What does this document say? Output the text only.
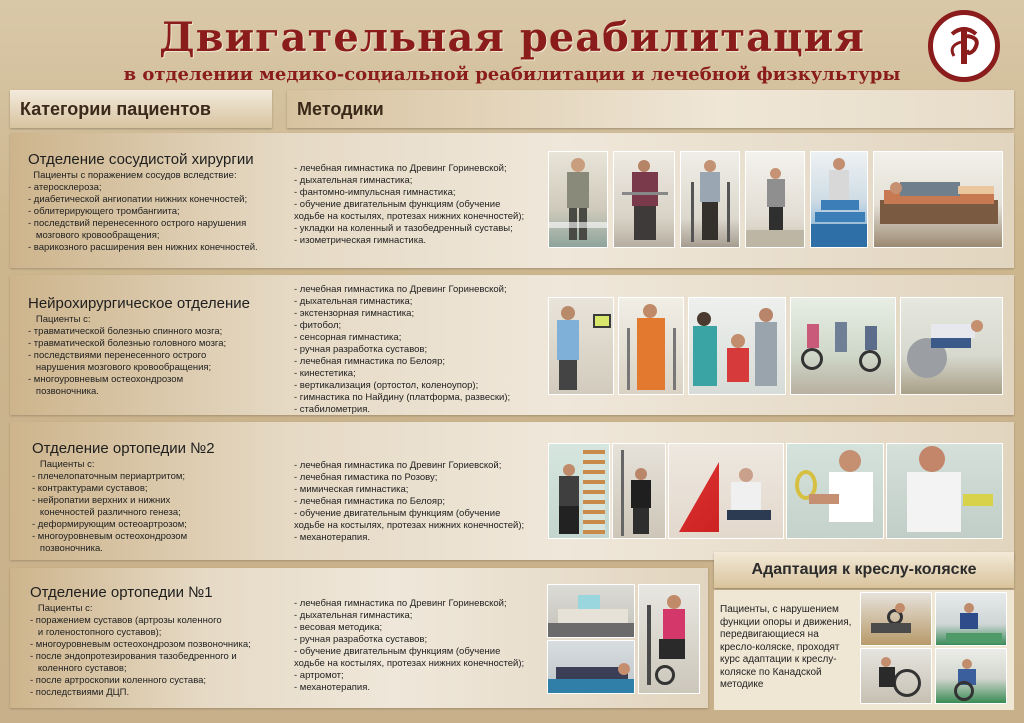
Двигательная реабилитация
в отделении медико-социальной реабилитации и лечебной физкультуры
Категории пациентов	Методики
Отделение сосудистой хирургии
Пациенты с поражением сосудов вследствие:
- атеросклероза;
- диабетической ангиопатии нижних конечностей;
- облитерирующего тромбангиита;
- последствий перенесенного острого нарушения
мозгового кровообращения;
- варикозного расширения вен нижних конечностей.
- лечебная гимнастика по Древинг Гориневской;
- дыхательная гимнастика;
- фантомно-импульсная гимнастика;
- обучение двигательным функциям (обучение
ходьбе на костылях, протезах нижних конечностей);
- укладки на коленный и тазобедренный суставы;
- изометрическая гимнастика.
Нейрохирургическое отделение
Пациенты с:
- травматической болезнью спинного мозга;
- травматической болезнью головного мозга;
- последствиями перенесенного острого
нарушения мозгового кровообращения;
- многоуровневым остеохондрозом
позвоночника.
- лечебная гимнастика по Древинг Гориневской;
- дыхательная гимнастика;
- экстензорная гимнастика;
- фитобол;
- сенсорная гимнастика;
- ручная разработка суставов;
- лечебная гимнастика по Белояр;
- кинестетика;
- вертикализация (ортостол, коленоупор);
- гимнастика по Найдину (платформа, развески);
- стабилометрия.
Отделение ортопедии №2
Пациенты с:
- плечелопаточным периартритом;
- контрактурами суставов;
- нейропатии верхних и нижних
конечностей различного генеза;
- деформирующим остеоартрозом;
- многоуровневым остеохондрозом
позвоночника.
- лечебная гимнастика по Древинг Гориевской;
- лечебная гимастика по Розову;
- мимическая гимнастика;
- лечебная гимнастика по Белояр;
- обучение двигательным функциям (обучение
ходьбе на костылях, протезах нижних конечностей);
- механотерапия.
Отделение ортопедии №1
Пациенты с:
- поражением суставов (артрозы коленного
и голеностопного суставов);
- многоуровневым остеохондрозом позвоночника;
- после эндопротезирования тазобедренного и
коленного суставов;
- после артроскопии коленного сустава;
- последствиями ДЦП.
- лечебная гимнастика по Древинг Гориневской;
- дыхательная гимнастика;
- весовая методика;
- ручная разработка суставов;
- обучение двигательным функциям (обучение
ходьбе на костылях, протезах нижних конечностей);
- артромот;
- механотерапия.
Адаптация к креслу-коляске
Пациенты, с нарушением
функции опоры и движения,
передвигающиеся на
кресло-коляске, проходят
курс адаптации к креслу-
коляске по Канадской
методике
